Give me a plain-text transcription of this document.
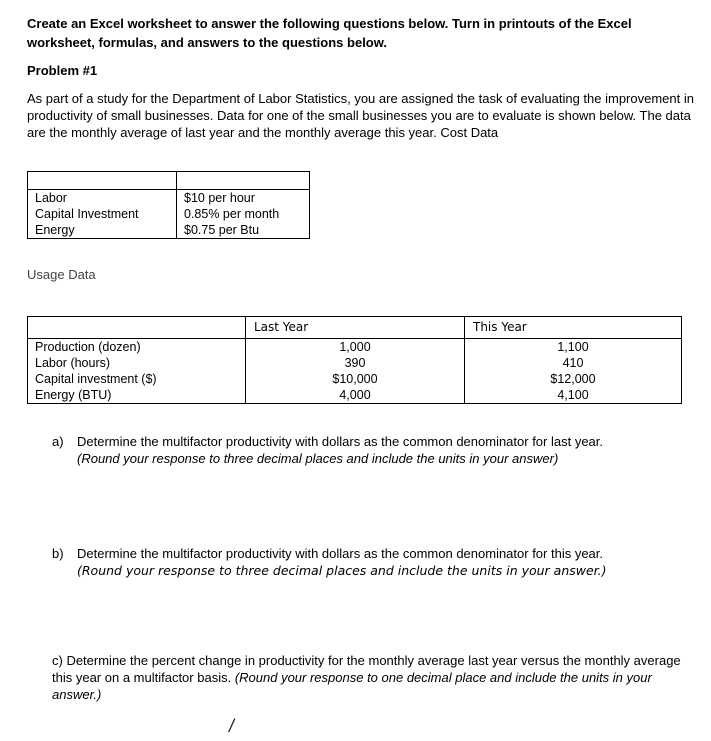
Create an Excel worksheet to answer the following questions below. Turn in printouts of the Excel worksheet, formulas, and answers to the questions below.
Problem #1
As part of a study for the Department of Labor Statistics, you are assigned the task of evaluating the improvement in productivity of small businesses. Data for one of the small businesses you are to evaluate is shown below. The data are the monthly average of last year and the monthly average this year. Cost Data

Labor	$10 per hour
Capital Investment	0.85% per month
Energy	$0.75 per Btu
Usage Data
	Last Year	This Year
Production (dozen)	1,000	1,100
Labor (hours)	390	410
Capital investment ($)	$10,000	$12,000
Energy (BTU)	4,000	4,100
a) Determine the multifactor productivity with dollars as the common denominator for last year.
(Round your response to three decimal places and include the units in your answer)
b) Determine the multifactor productivity with dollars as the common denominator for this year.
(Round your response to three decimal places and include the units in your answer.)
c) Determine the percent change in productivity for the monthly average last year versus the monthly average this year on a multifactor basis. (Round your response to one decimal place and include the units in your answer.)
/
